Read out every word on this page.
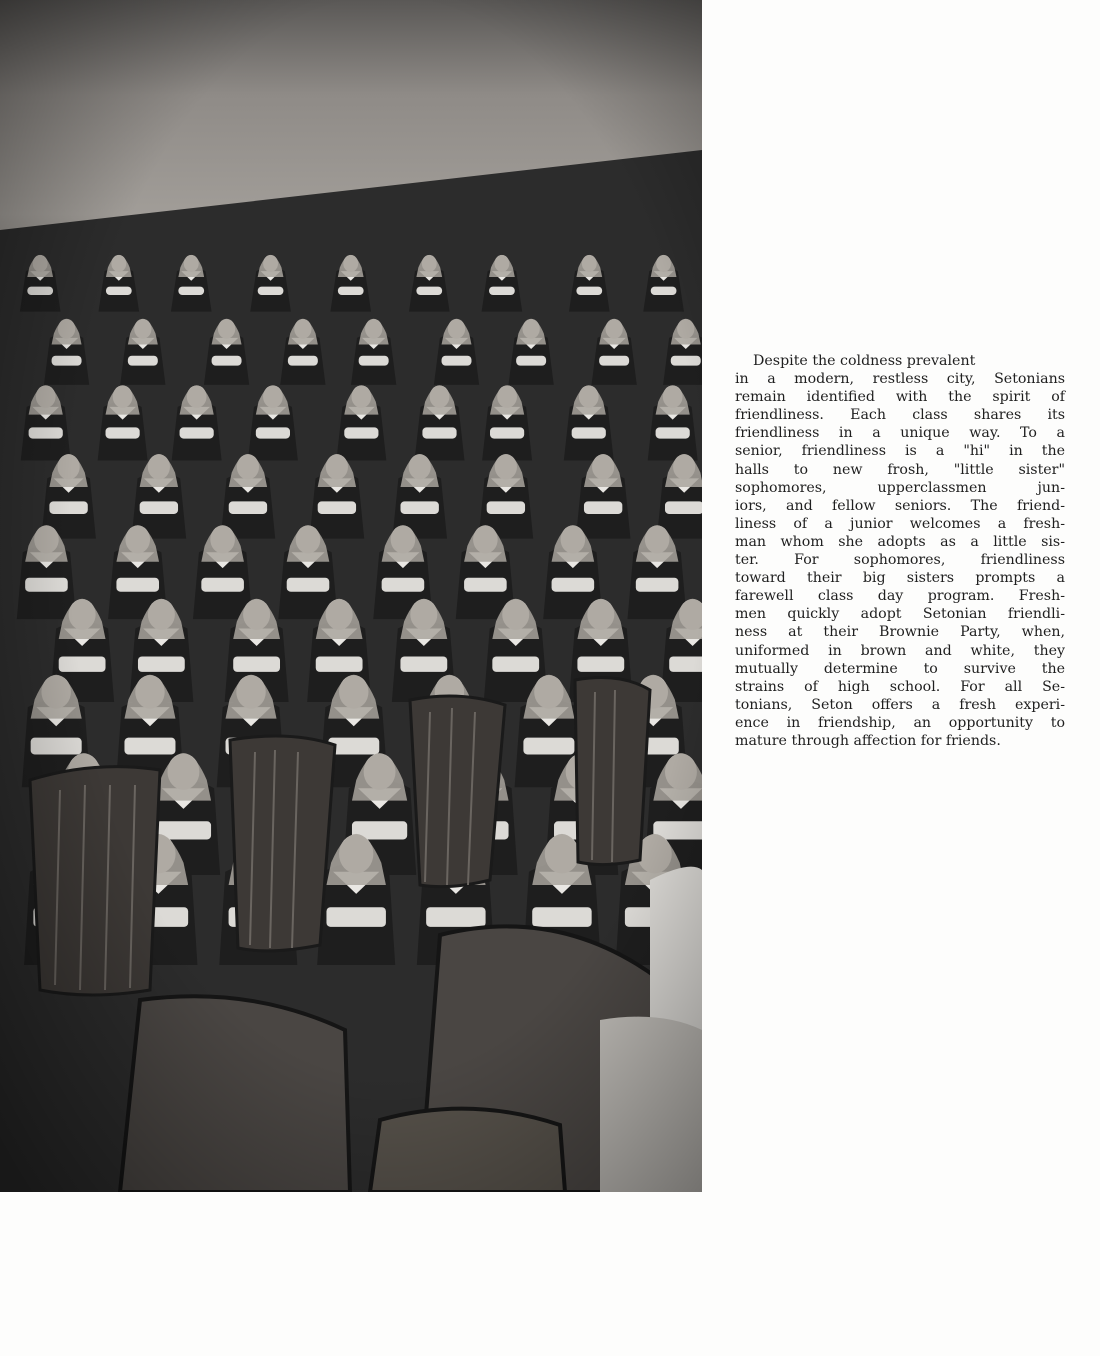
Despite the coldness prevalent
in a modern, restless city, Setonians
remain identified with the spirit of
friendliness. Each class shares its
friendliness in a unique way. To a
senior, friendliness is a "hi" in the
halls to new frosh, "little sister"
sophomores, upperclassmen jun-
iors, and fellow seniors. The friend-
liness of a junior welcomes a fresh-
man whom she adopts as a little sis-
ter. For sophomores, friendliness
toward their big sisters prompts a
farewell class day program. Fresh-
men quickly adopt Setonian friendli-
ness at their Brownie Party, when,
uniformed in brown and white, they
mutually determine to survive the
strains of high school. For all Se-
tonians, Seton offers a fresh experi-
ence in friendship, an opportunity to
mature through affection for friends.
